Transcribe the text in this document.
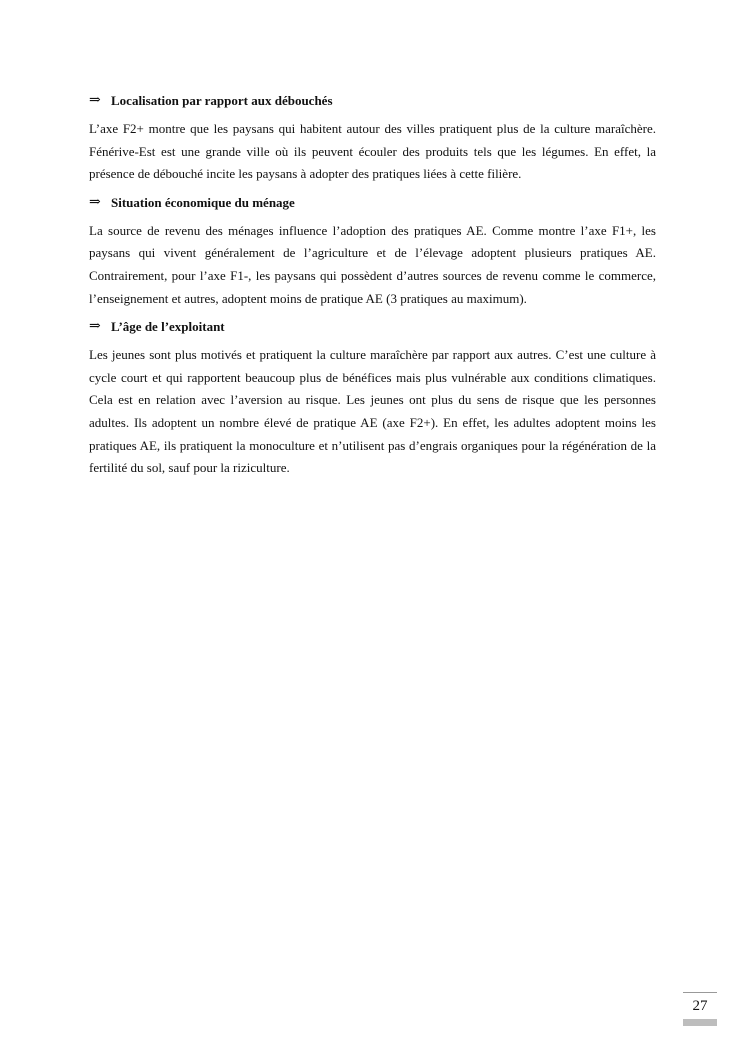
⇒ Localisation par rapport aux débouchés

L’axe F2+ montre que les paysans qui habitent autour des villes pratiquent plus de la culture maraîchère. Fénérive-Est est une grande ville où ils peuvent écouler des produits tels que les légumes. En effet, la présence de débouché incite les paysans à adopter des pratiques liées à cette filière.

⇒ Situation économique du ménage

La source de revenu des ménages influence l’adoption des pratiques AE. Comme montre l’axe F1+, les paysans qui vivent généralement de l’agriculture et de l’élevage adoptent plusieurs pratiques AE. Contrairement, pour l’axe F1-, les paysans qui possèdent d’autres sources de revenu comme le commerce, l’enseignement et autres, adoptent moins de pratique AE (3 pratiques au maximum).

⇒ L’âge de l’exploitant

Les jeunes sont plus motivés et pratiquent la culture maraîchère par rapport aux autres. C’est une culture à cycle court et qui rapportent beaucoup plus de bénéfices mais plus vulnérable aux conditions climatiques. Cela est en relation avec l’aversion au risque. Les jeunes ont plus du sens de risque que les personnes adultes. Ils adoptent un nombre élevé de pratique AE (axe F2+). En effet, les adultes adoptent moins les pratiques AE, ils pratiquent la monoculture et n’utilisent pas d’engrais organiques pour la régénération de la fertilité du sol, sauf pour la riziculture.

27
